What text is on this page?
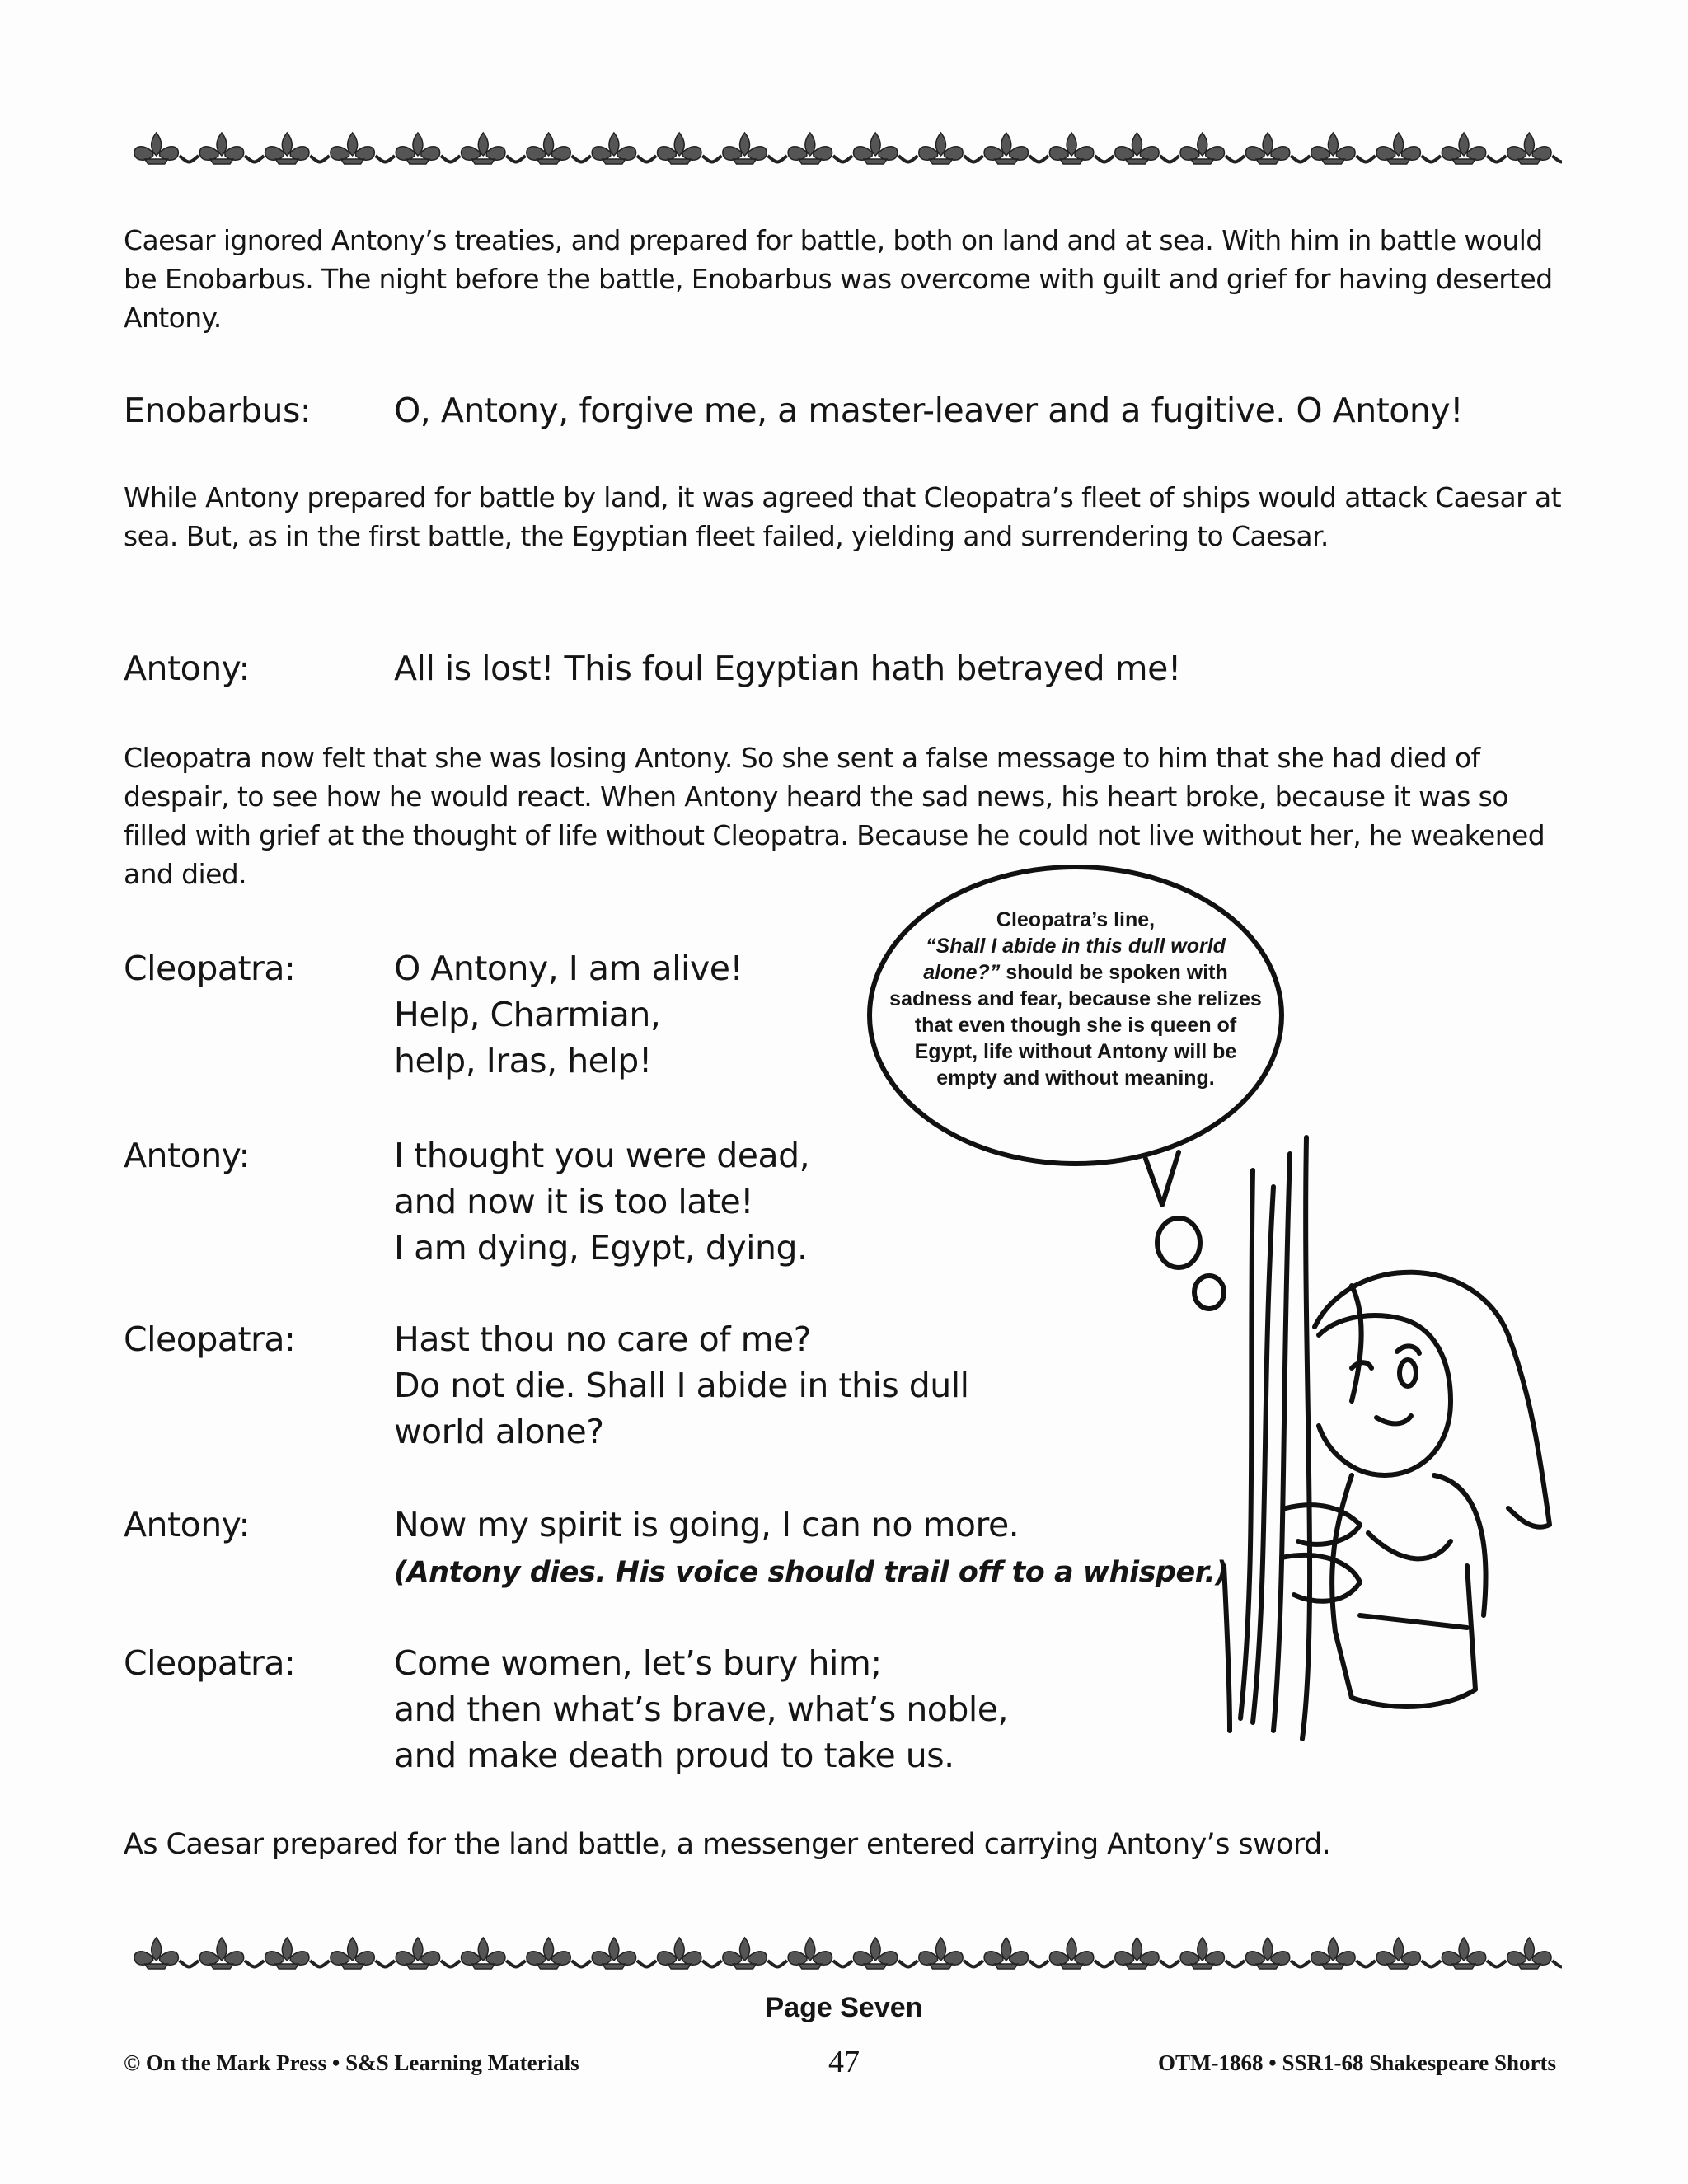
Caesar ignored Antony’s treaties, and prepared for battle, both on land and at sea. With him in battle would be Enobarbus. The night before the battle, Enobarbus was overcome with guilt and grief for having deserted Antony.

Enobarbus: O, Antony, forgive me, a master-leaver and a fugitive. O Antony!

While Antony prepared for battle by land, it was agreed that Cleopatra’s fleet of ships would attack Caesar at sea. But, as in the first battle, the Egyptian fleet failed, yielding and surrendering to Caesar.

Antony:	All is lost! This foul Egyptian hath betrayed me!

Cleopatra now felt that she was losing Antony. So she sent a false message to him that she had died of despair, to see how he would react. When Antony heard the sad news, his heart broke, because it was so filled with grief at the thought of life without Cleopatra. Because he could not live without her, he weakened and died.

Cleopatra:	O Antony, I am alive!

Help, Charmian,

help, Iras, help!

Antony:	I thought you were dead,

and now it is too late!

I am dying, Egypt, dying.

Cleopatra:	Hast thou no care of me?

Do not die. Shall I abide in this dull

world alone?

Antony:	Now my spirit is going, I can no more.

(Antony dies. His voice should trail off to a whisper.)

Cleopatra:	Come women, let’s bury him;

and then what’s brave, what’s noble,

and make death proud to take us.

As Caesar prepared for the land battle, a messenger entered carrying Antony’s sword.

Cleopatra’s line,
“Shall I abide in this dull world alone?” should be spoken with sadness and fear, because she relizes that even though she is queen of Egypt, life without Antony will be empty and without meaning.

Page Seven

© On the Mark Press • S&S Learning Materials	47	OTM-1868 • SSR1-68 Shakespeare Shorts
